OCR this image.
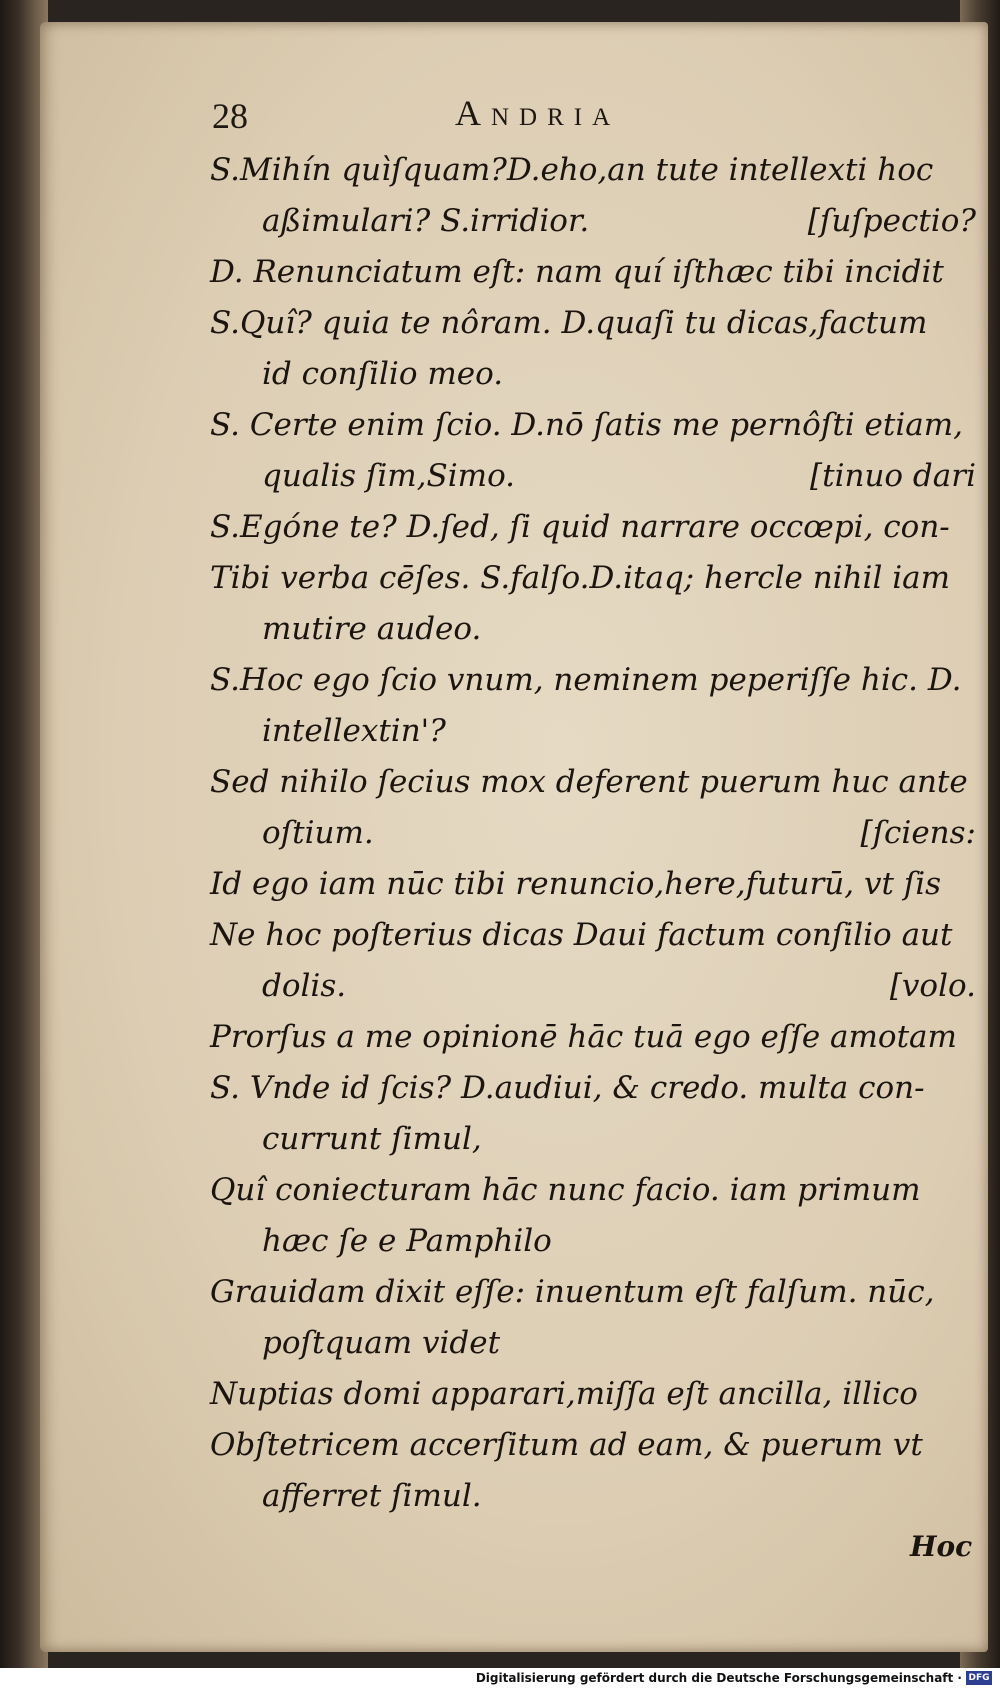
28	Andria
S.Mihín quìſquam?D.eho,an tute intellexti hoc
aßimulari? S.irridior.	[ſuſpectio?
D. Renunciatum eſt: nam quí iſthæc tibi incidit
S.Quî? quia te nôram. D.quaſi tu dicas,factum
id conſilio meo.
S. Certe enim ſcio. D.nō ſatis me pernôſti etiam,
qualis ſim,Simo.	[tinuo dari
S.Egóne te? D.ſed, ſi quid narrare occœpi, con-
Tibi verba cēſes. S.falſo.D.itaq; hercle nihil iam
mutire audeo.
S.Hoc ego ſcio vnum, neminem peperiſſe hic. D.
intellextin'?
Sed nihilo ſecius mox deferent puerum huc ante
oſtium.	[ſciens:
Id ego iam nūc tibi renuncio,here,futurū, vt ſis
Ne hoc poſterius dicas Daui factum conſilio aut
dolis.	[volo.
Prorſus a me opinionē hāc tuā ego eſſe amotam
S. Vnde id ſcis? D.audiui, & credo. multa con-
currunt ſimul,
Quî coniecturam hāc nunc facio. iam primum
hæc ſe e Pamphilo
Grauidam dixit eſſe: inuentum eſt falſum. nūc,
poſtquam videt
Nuptias domi apparari,miſſa eſt ancilla, illico
Obſtetricem accerſitum ad eam, & puerum vt
afferret ſimul.
Hoc
Digitalisierung gefördert durch die Deutsche Forschungsgemeinschaft · DFG
